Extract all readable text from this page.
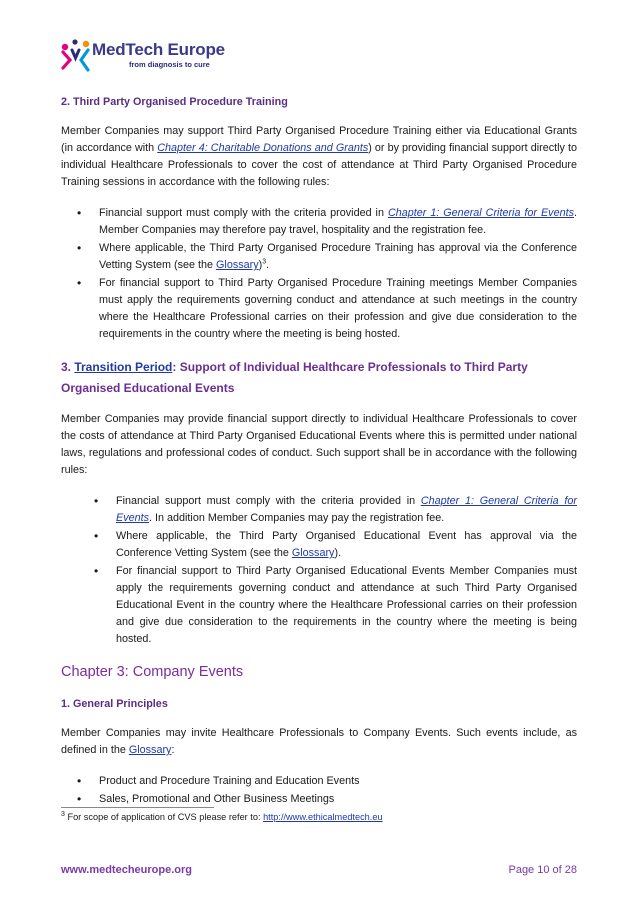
MedTech Europe
from diagnosis to cure
2. Third Party Organised Procedure Training

Member Companies may support Third Party Organised Procedure Training either via Educational Grants (in accordance with Chapter 4: Charitable Donations and Grants) or by providing financial support directly to individual Healthcare Professionals to cover the cost of attendance at Third Party Organised Procedure Training sessions in accordance with the following rules:

• Financial support must comply with the criteria provided in Chapter 1: General Criteria for Events. Member Companies may therefore pay travel, hospitality and the registration fee.
• Where applicable, the Third Party Organised Procedure Training has approval via the Conference Vetting System (see the Glossary)$^3$.
• For financial support to Third Party Organised Procedure Training meetings Member Companies must apply the requirements governing conduct and attendance at such meetings in the country where the Healthcare Professional carries on their profession and give due consideration to the requirements in the country where the meeting is being hosted.
3. Transition Period: Support of Individual Healthcare Professionals to Third Party Organised Educational Events

Member Companies may provide financial support directly to individual Healthcare Professionals to cover the costs of attendance at Third Party Organised Educational Events where this is permitted under national laws, regulations and professional codes of conduct. Such support shall be in accordance with the following rules:

• Financial support must comply with the criteria provided in Chapter 1: General Criteria for Events. In addition Member Companies may pay the registration fee.
• Where applicable, the Third Party Organised Educational Event has approval via the Conference Vetting System (see the Glossary).
• For financial support to Third Party Organised Educational Events Member Companies must apply the requirements governing conduct and attendance at such Third Party Organised Educational Event in the country where the Healthcare Professional carries on their profession and give due consideration to the requirements in the country where the meeting is being hosted.
Chapter 3: Company Events
1. General Principles

Member Companies may invite Healthcare Professionals to Company Events. Such events include, as defined in the Glossary:

• Product and Procedure Training and Education Events
• Sales, Promotional and Other Business Meetings
$^3$ For scope of application of CVS please refer to: http://www.ethicalmedtech.eu
www.medtecheurope.org	Page 10 of 28
